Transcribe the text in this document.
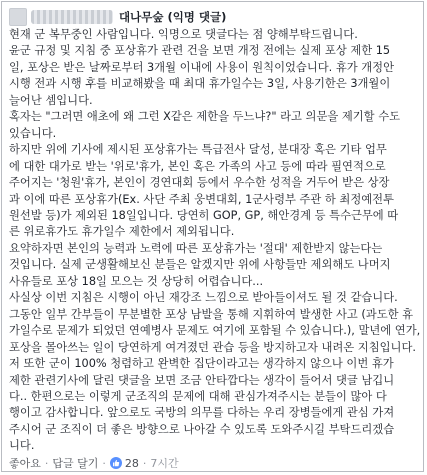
대나무숲 (익명 댓글)

현재 군 복무중인 사람입니다. 익명으로 댓글다는 점 양해부탁드립니다.

윤군 규정 및 지침 중 포상휴가 관련 건을 보면 개정 전에는 실제 포상 제한 15

일, 포상은 받은 날짜로부터 3개월 이내에 사용이 원칙이었습니다. 휴가 개정안

시행 전과 시행 후를 비교해봤을 때 최대 휴가일수는 3일, 사용기한은 3개월이

늘어난 셈입니다.

혹자는 "그러면 애초에 왜 그런 X같은 제한을 두느냐?" 라고 의문을 제기할 수도

있습니다.

하지만 위에 기사에 제시된 포상휴가는 특급전사 달성, 분대장 혹은 기타 업무

에 대한 대가로 받는 '위로'휴가, 본인 혹은 가족의 사고 등에 따라 필연적으로

주어지는 '청원'휴가, 본인이 경연대회 등에서 우수한 성적을 거두어 받은 상장

과 이에 따른 포상휴가(Ex. 사단 주최 웅변대회, 1군사령부 주관 하 최정예전투

원선발 등)가 제외된 18일입니다. 당연히 GOP, GP, 해안경계 등 특수근무에 따

른 위로휴가도 휴가일수 제한에서 제외됩니다.

요약하자면 본인의 능력과 노력에 따른 포상휴가는 '절대' 제한받지 않는다는

것입니다. 실제 군생활해보신 분들은 알겠지만 위에 사항들만 제외해도 나머지

사유들로 포상 18일 모으는 것 상당히 어렵습니다...

사실상 이번 지침은 시행이 아닌 재강조 느낌으로 받아들이셔도 될 것 같습니다.

그동안 일부 간부들이 무분별한 포상 남발을 통해 지휘하여 발생한 사고 (과도한 휴가일수로 문제가 되었던 연예병사 문제도 여기에 포함될 수 있습니다.), 말년에 연가, 포상을 몰아쓰는 일이 당연하게 여겨졌던 관습 등을 방지하고자 내려온 지침입니다.

저 또한 군이 100% 청렴하고 완벽한 집단이라고는 생각하지 않으나 이번 휴가

제한 관련기사에 달린 댓글을 보면 조금 안타깝다는 생각이 들어서 댓글 남깁니

다.. 한편으로는 이렇게 군조직의 문제에 대해 관심가져주시는 분들이 많아 다

행이고 감사합니다. 앞으로도 국방의 의무를 다하는 우리 장병들에게 관심 가져

주시어 군 조직이 더 좋은 방향으로 나아갈 수 있도록 도와주시길 부탁드리겠습

니다.

좋아요 · 답글 달기 · 28 · 7시간
